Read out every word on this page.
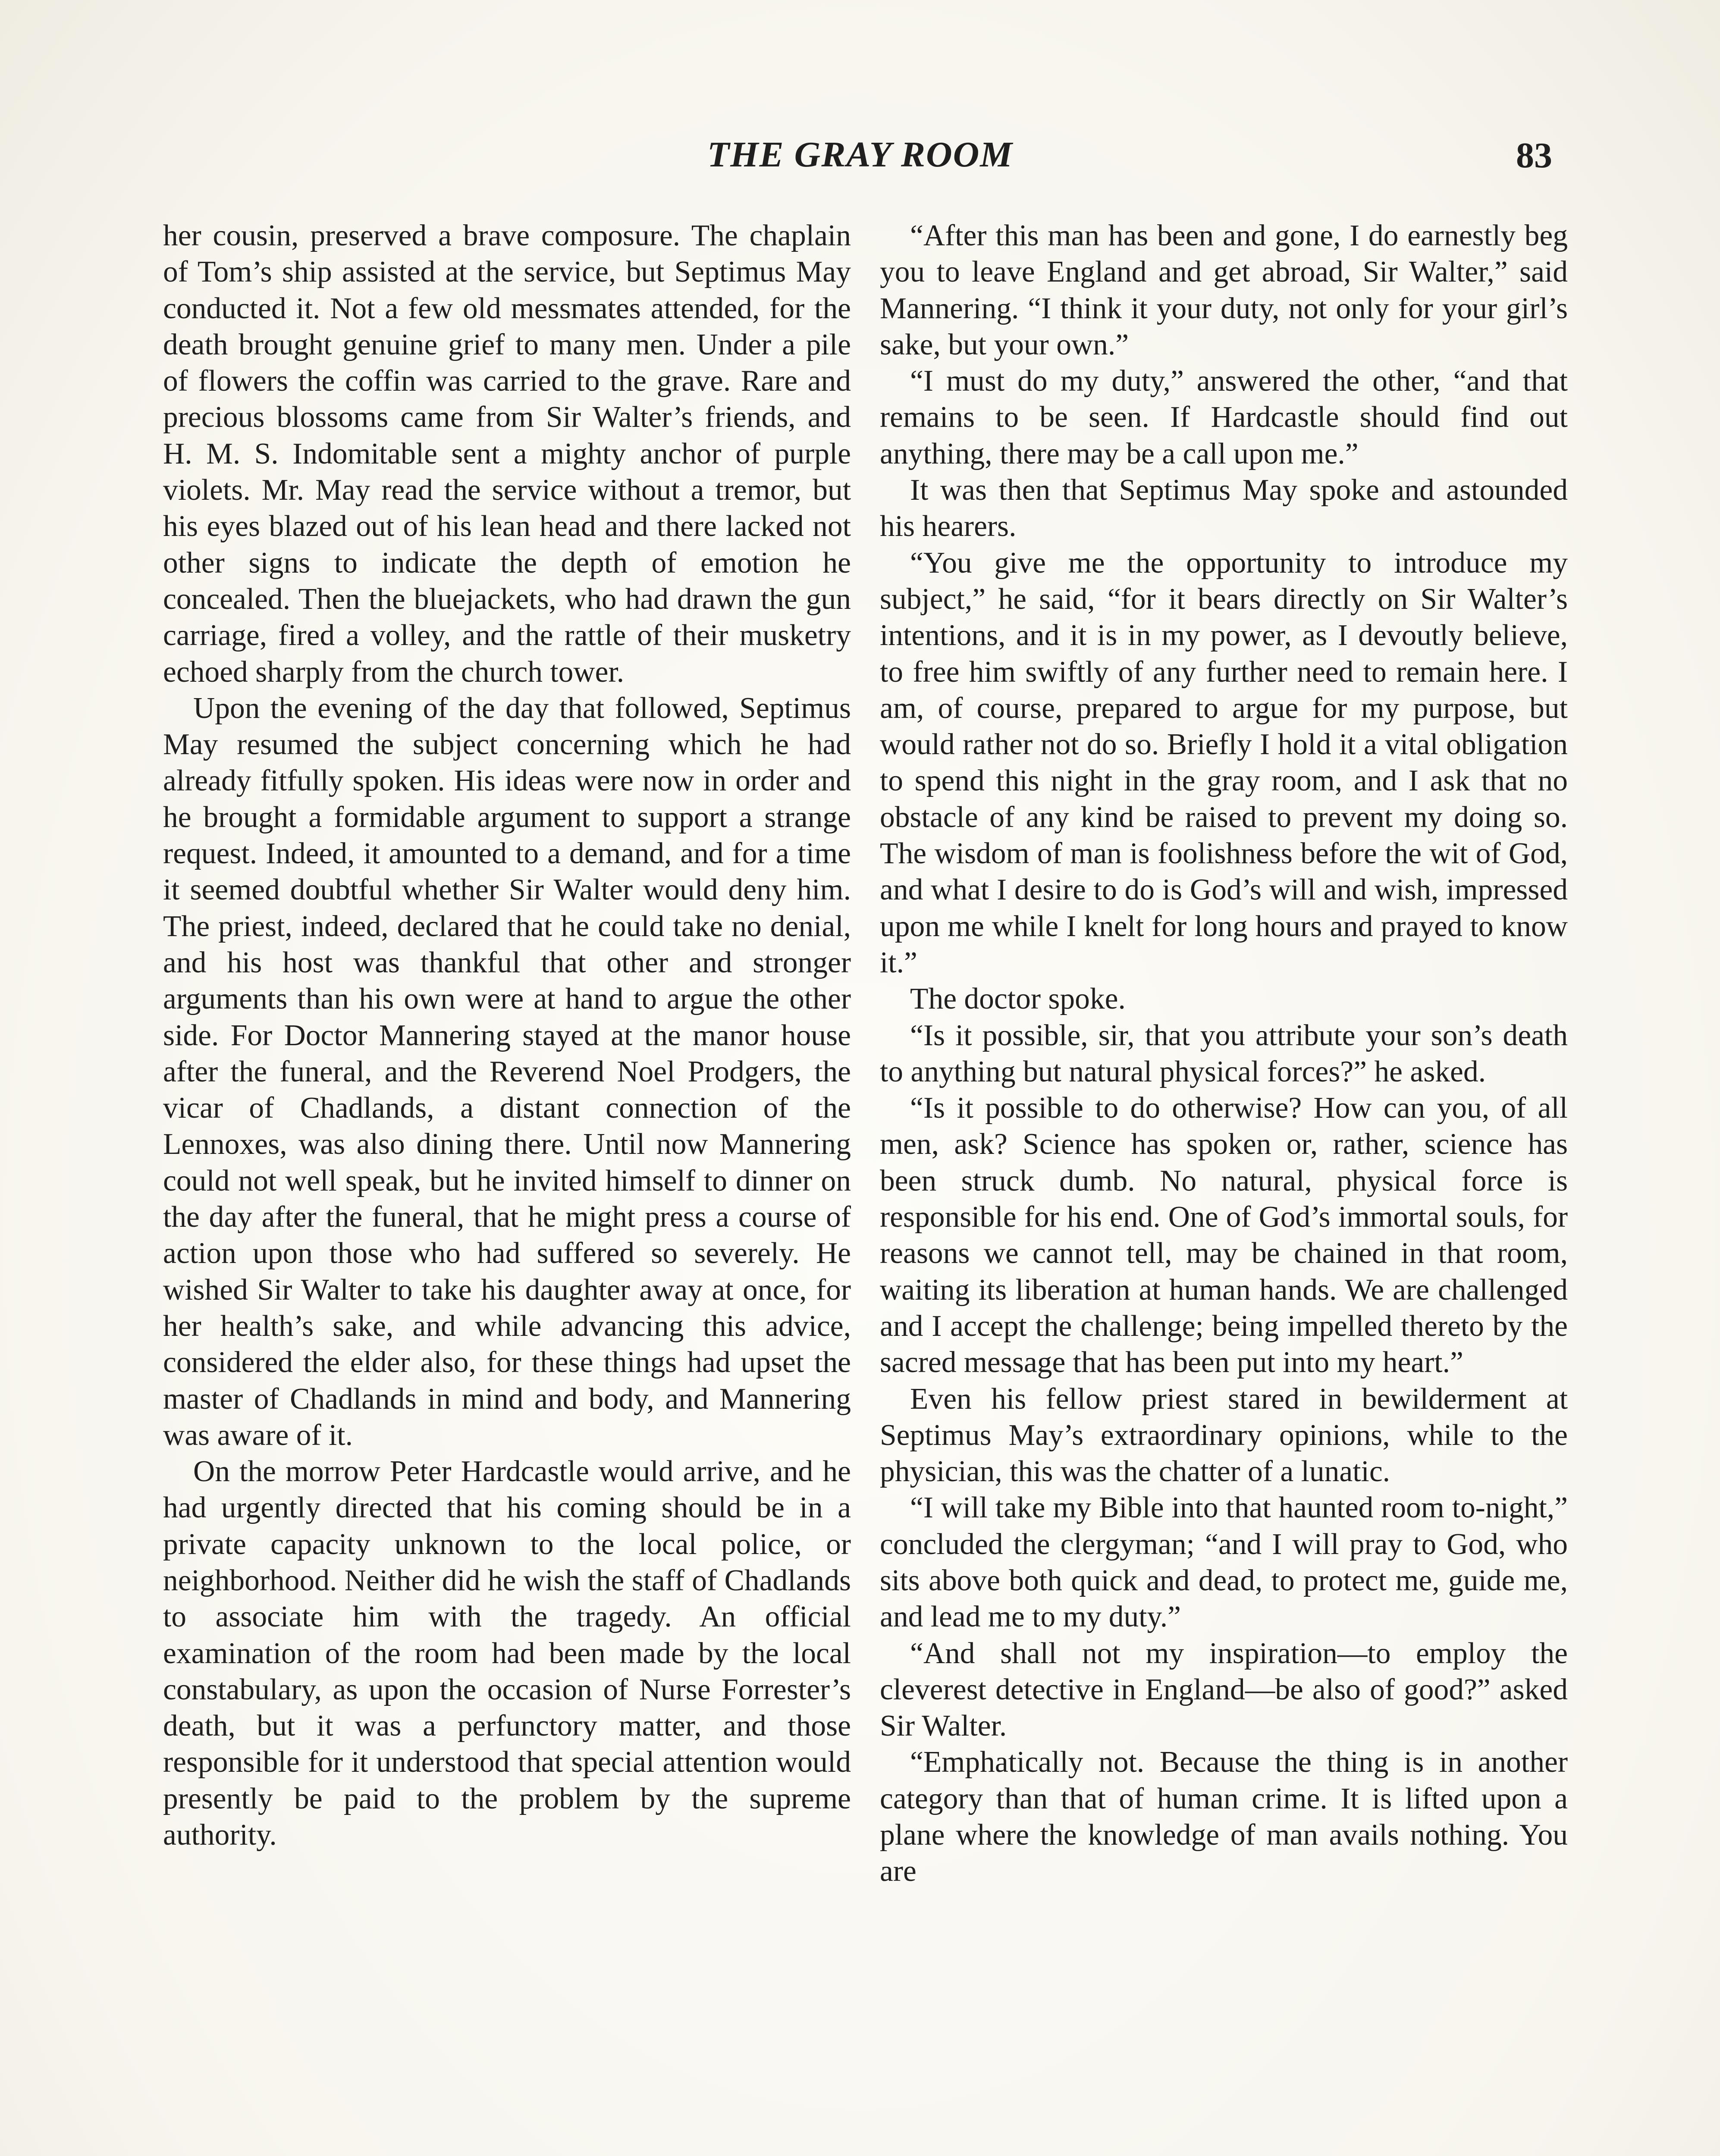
THE GRAY ROOM	83

her cousin, preserved a brave composure. The chaplain of Tom’s ship assisted at the service, but Septimus May conducted it. Not a few old messmates attended, for the death brought genuine grief to many men. Under a pile of flowers the coffin was carried to the grave. Rare and precious blossoms came from Sir Walter’s friends, and H. M. S. Indomitable sent a mighty anchor of purple violets. Mr. May read the service without a tremor, but his eyes blazed out of his lean head and there lacked not other signs to indicate the depth of emotion he concealed. Then the bluejackets, who had drawn the gun carriage, fired a volley, and the rattle of their musketry echoed sharply from the church tower.

Upon the evening of the day that followed, Septimus May resumed the subject concerning which he had already fitfully spoken. His ideas were now in order and he brought a formidable argument to support a strange request. Indeed, it amounted to a demand, and for a time it seemed doubtful whether Sir Walter would deny him. The priest, indeed, declared that he could take no denial, and his host was thankful that other and stronger arguments than his own were at hand to argue the other side. For Doctor Mannering stayed at the manor house after the funeral, and the Reverend Noel Prodgers, the vicar of Chadlands, a distant connection of the Lennoxes, was also dining there. Until now Mannering could not well speak, but he invited himself to dinner on the day after the funeral, that he might press a course of action upon those who had suffered so severely. He wished Sir Walter to take his daughter away at once, for her health’s sake, and while advancing this advice, considered the elder also, for these things had upset the master of Chadlands in mind and body, and Mannering was aware of it.

On the morrow Peter Hardcastle would arrive, and he had urgently directed that his coming should be in a private capacity unknown to the local police, or neighborhood. Neither did he wish the staff of Chadlands to associate him with the tragedy. An official examination of the room had been made by the local constabulary, as upon the occasion of Nurse Forrester’s death, but it was a perfunctory matter, and those responsible for it understood that special attention would presently be paid to the problem by the supreme authority.

“After this man has been and gone, I do earnestly beg you to leave England and get abroad, Sir Walter,” said Mannering. “I think it your duty, not only for your girl’s sake, but your own.”

“I must do my duty,” answered the other, “and that remains to be seen. If Hardcastle should find out anything, there may be a call upon me.”

It was then that Septimus May spoke and astounded his hearers.

“You give me the opportunity to introduce my subject,” he said, “for it bears directly on Sir Walter’s intentions, and it is in my power, as I devoutly believe, to free him swiftly of any further need to remain here. I am, of course, prepared to argue for my purpose, but would rather not do so. Briefly I hold it a vital obligation to spend this night in the gray room, and I ask that no obstacle of any kind be raised to prevent my doing so. The wisdom of man is foolishness before the wit of God, and what I desire to do is God’s will and wish, impressed upon me while I knelt for long hours and prayed to know it.”

The doctor spoke.

“Is it possible, sir, that you attribute your son’s death to anything but natural physical forces?” he asked.

“Is it possible to do otherwise? How can you, of all men, ask? Science has spoken or, rather, science has been struck dumb. No natural, physical force is responsible for his end. One of God’s immortal souls, for reasons we cannot tell, may be chained in that room, waiting its liberation at human hands. We are challenged and I accept the challenge; being impelled thereto by the sacred message that has been put into my heart.”

Even his fellow priest stared in bewilderment at Septimus May’s extraordinary opinions, while to the physician, this was the chatter of a lunatic.

“I will take my Bible into that haunted room to-night,” concluded the clergyman; “and I will pray to God, who sits above both quick and dead, to protect me, guide me, and lead me to my duty.”

“And shall not my inspiration—to employ the cleverest detective in England—be also of good?” asked Sir Walter.

“Emphatically not. Because the thing is in another category than that of human crime. It is lifted upon a plane where the knowledge of man avails nothing. You are
